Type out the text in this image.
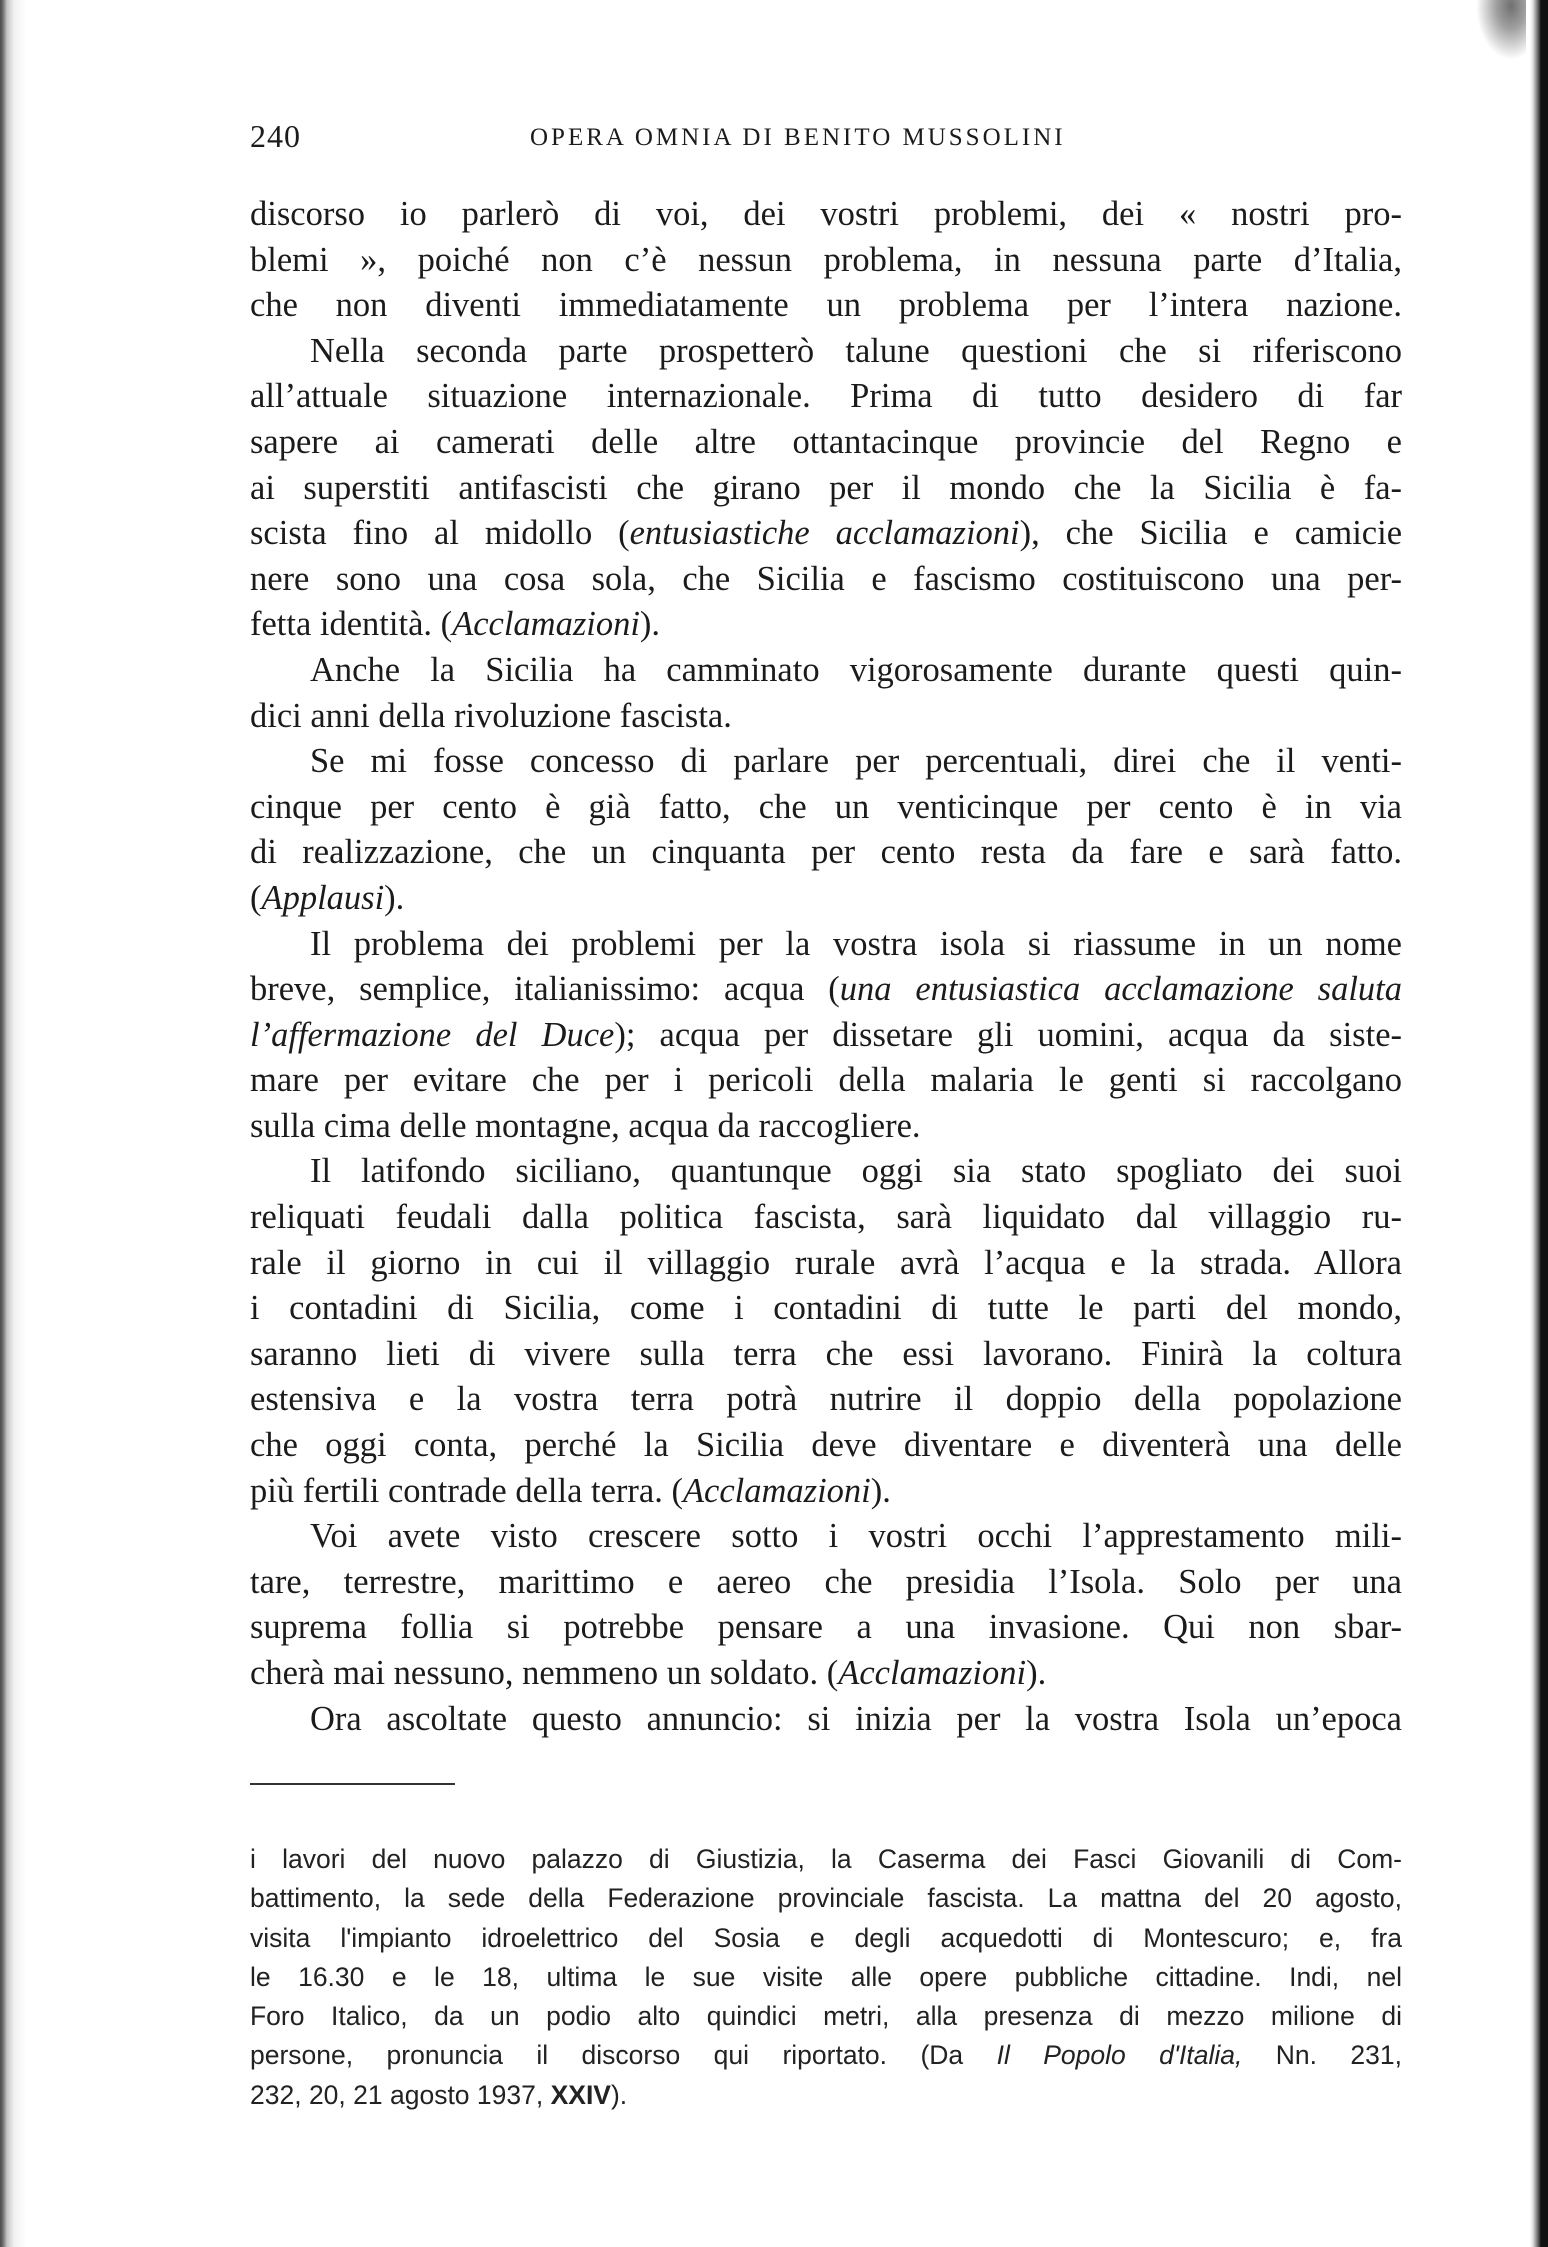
240	OPERA OMNIA DI BENITO MUSSOLINI
discorso io parlerò di voi, dei vostri problemi, dei « nostri pro-
blemi », poiché non c’è nessun problema, in nessuna parte d’Italia,
che non diventi immediatamente un problema per l’intera nazione.
Nella seconda parte prospetterò talune questioni che si riferiscono
all’attuale situazione internazionale. Prima di tutto desidero di far
sapere ai camerati delle altre ottantacinque provincie del Regno e
ai superstiti antifascisti che girano per il mondo che la Sicilia è fa-
scista fino al midollo (entusiastiche acclamazioni), che Sicilia e camicie
nere sono una cosa sola, che Sicilia e fascismo costituiscono una per-
fetta identità. (Acclamazioni).
Anche la Sicilia ha camminato vigorosamente durante questi quin-
dici anni della rivoluzione fascista.
Se mi fosse concesso di parlare per percentuali, direi che il venti-
cinque per cento è già fatto, che un venticinque per cento è in via
di realizzazione, che un cinquanta per cento resta da fare e sarà fatto.
(Applausi).
Il problema dei problemi per la vostra isola si riassume in un nome
breve, semplice, italianissimo: acqua (una entusiastica acclamazione saluta
l’affermazione del Duce); acqua per dissetare gli uomini, acqua da siste-
mare per evitare che per i pericoli della malaria le genti si raccolgano
sulla cima delle montagne, acqua da raccogliere.
Il latifondo siciliano, quantunque oggi sia stato spogliato dei suoi
reliquati feudali dalla politica fascista, sarà liquidato dal villaggio ru-
rale il giorno in cui il villaggio rurale avrà l’acqua e la strada. Allora
i contadini di Sicilia, come i contadini di tutte le parti del mondo,
saranno lieti di vivere sulla terra che essi lavorano. Finirà la coltura
estensiva e la vostra terra potrà nutrire il doppio della popolazione
che oggi conta, perché la Sicilia deve diventare e diventerà una delle
più fertili contrade della terra. (Acclamazioni).
Voi avete visto crescere sotto i vostri occhi l’apprestamento mili-
tare, terrestre, marittimo e aereo che presidia l’Isola. Solo per una
suprema follia si potrebbe pensare a una invasione. Qui non sbar-
cherà mai nessuno, nemmeno un soldato. (Acclamazioni).
Ora ascoltate questo annuncio: si inizia per la vostra Isola un’epoca
i lavori del nuovo palazzo di Giustizia, la Caserma dei Fasci Giovanili di Com-
battimento, la sede della Federazione provinciale fascista. La mattna del 20 agosto,
visita l'impianto idroelettrico del Sosia e degli acquedotti di Montescuro; e, fra
le 16.30 e le 18, ultima le sue visite alle opere pubbliche cittadine. Indi, nel
Foro Italico, da un podio alto quindici metri, alla presenza di mezzo milione di
persone, pronuncia il discorso qui riportato. (Da Il Popolo d'Italia, Nn. 231,
232, 20, 21 agosto 1937, XXIV).
